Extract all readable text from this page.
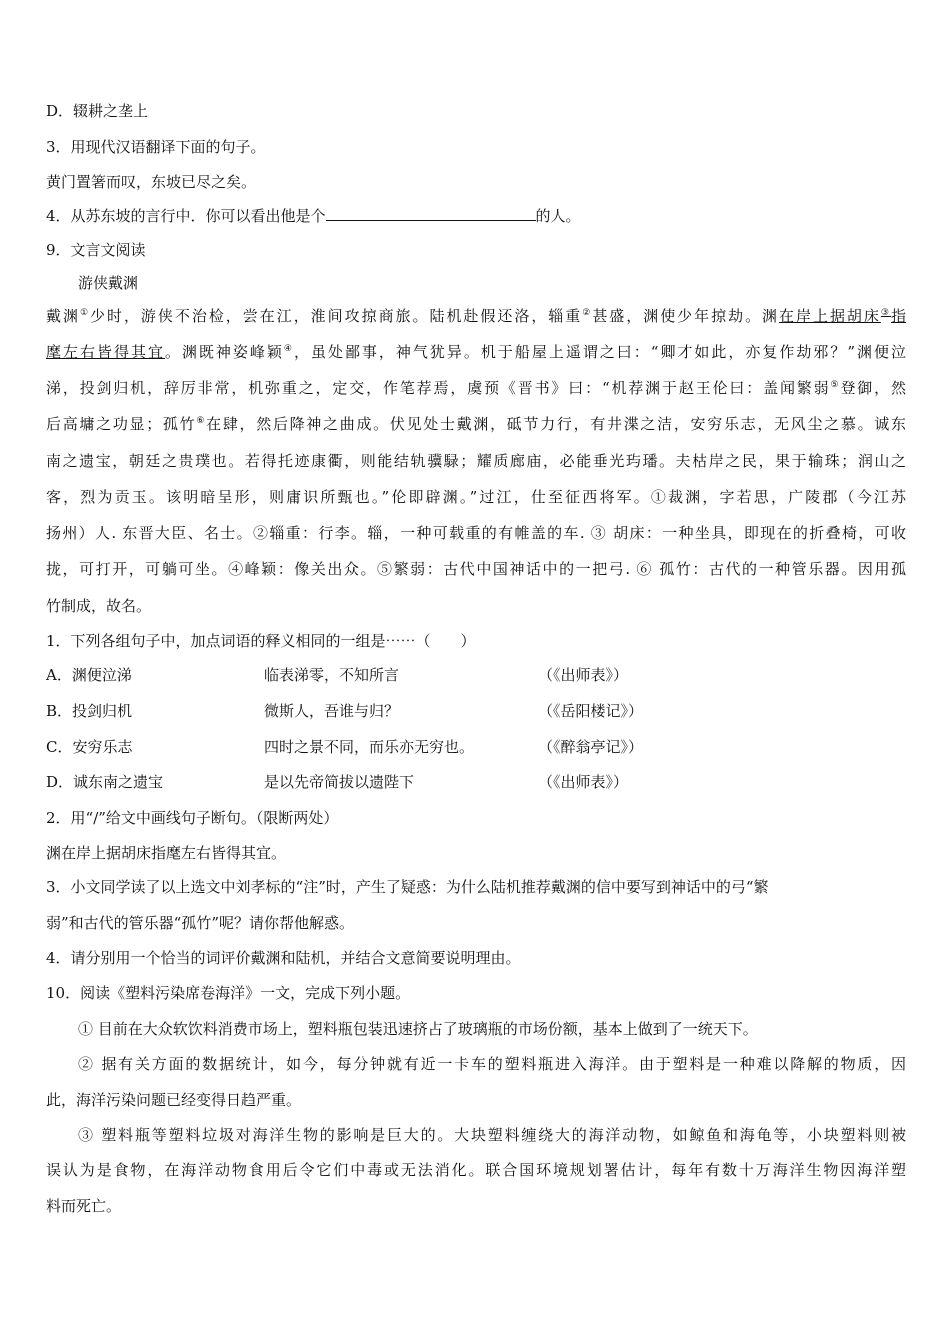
D．辍耕之垄上
3．用现代汉语翻译下面的句子。
黄门置箸而叹，东坡已尽之矣。
4．从苏东坡的言行中．你可以看出他是个	的人。
9．文言文阅读
游侠戴渊
戴渊①少时，游侠不治检，尝在江，淮间攻掠商旅。陆机赴假还洛，辎重②甚盛，渊使少年掠劫。渊在岸上据胡床③指
麾左右皆得其宜。渊既神姿峰颖④，虽处鄙事，神气犹异。机于船屋上遥谓之曰：“卿才如此，亦复作劫邪？”渊便泣
涕，投剑归机，辞厉非常，机弥重之，定交，作笔荐焉，虞预《晋书》曰：“机荐渊于赵王伦曰：盖闻繁弱⑤登御，然
后高墉之功显；孤竹⑥在肆，然后降神之曲成。伏见处士戴渊，砥节力行，有井渫之洁，安穷乐志，无风尘之慕。诚东
南之遗宝，朝廷之贵璞也。若得托迹康衢，则能结轨骥騄；耀质廊庙，必能垂光玙璠。夫枯岸之民，果于输珠；润山之
客，烈为贡玉。该明暗呈形，则庸识所甄也。”伦即辟渊。”过江，仕至征西将军。①裁渊，字若思，广陵郡（今江苏
扬州）人. 东晋大臣、名士。②辎重：行李。辎，一种可载重的有帷盖的车. ③ 胡床：一种坐具，即现在的折叠椅，可收
拢，可打开，可躺可坐。④峰颖：像关出众。⑤繁弱：古代中国神话中的一把弓. ⑥ 孤竹：古代的一种管乐器。因用孤
竹制成，故名。
1．下列各组句子中，加点词语的释义相同的一组是⋯⋯（　　）
A．渊便泣涕	临表涕零，不知所言	（《出师表》）
B．投剑归机	微斯人，吾谁与归？	（《岳阳楼记》）
C．安穷乐志	四时之景不同，而乐亦无穷也。	（《醉翁亭记》）
D．诚东南之遗宝	是以先帝简拔以遗陛下	（《出师表》）
2．用“/”给文中画线句子断句。（限断两处）
渊在岸上据胡床指麾左右皆得其宜。
3．小文同学读了以上选文中刘孝标的“注”时，产生了疑惑：为什么陆机推荐戴渊的信中要写到神话中的弓“繁
弱”和古代的管乐器“孤竹”呢？请你帮他解惑。
4．请分别用一个恰当的词评价戴渊和陆机，并结合文意简要说明理由。
10．阅读《塑料污染席卷海洋》一文，完成下列小题。
① 目前在大众软饮料消费市场上，塑料瓶包装迅速挤占了玻璃瓶的市场份额，基本上做到了一统天下。
② 据有关方面的数据统计，如今，每分钟就有近一卡车的塑料瓶进入海洋。由于塑料是一种难以降解的物质，因
此，海洋污染问题已经变得日趋严重。
③ 塑料瓶等塑料垃圾对海洋生物的影响是巨大的。大块塑料缠绕大的海洋动物，如鲸鱼和海龟等，小块塑料则被
误认为是食物，在海洋动物食用后令它们中毒或无法消化。联合国环境规划署估计，每年有数十万海洋生物因海洋塑
料而死亡。
